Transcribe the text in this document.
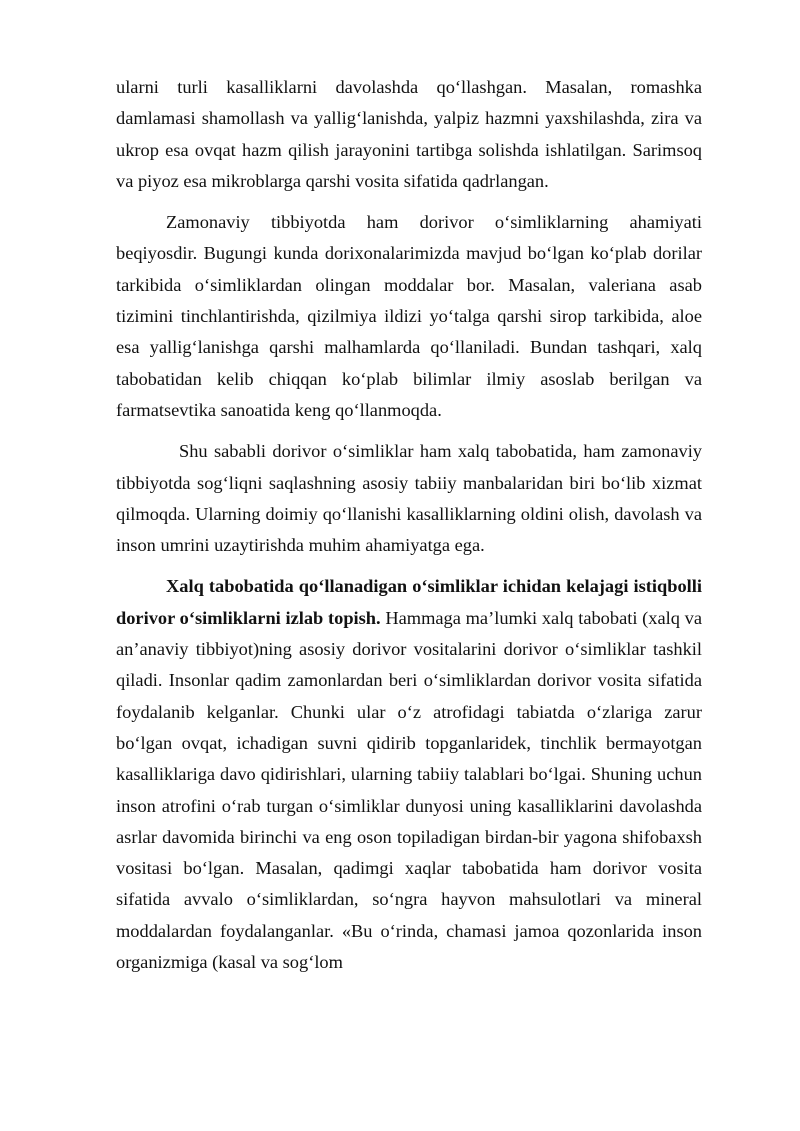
ularni turli kasalliklarni davolashda qo‘llashgan. Masalan, romashka damlamasi shamollash va yallig‘lanishda, yalpiz hazmni yaxshilashda, zira va ukrop esa ovqat hazm qilish jarayonini tartibga solishda ishlatilgan. Sarimsoq va piyoz esa mikroblarga qarshi vosita sifatida qadrlangan.

Zamonaviy tibbiyotda ham dorivor o‘simliklarning ahamiyati beqiyosdir. Bugungi kunda dorixonalarimizda mavjud bo‘lgan ko‘plab dorilar tarkibida o‘simliklardan olingan moddalar bor. Masalan, valeriana asab tizimini tinchlantirishda, qizilmiya ildizi yo‘talga qarshi sirop tarkibida, aloe esa yallig‘lanishga qarshi malhamlarda qo‘llaniladi. Bundan tashqari, xalq tabobatidan kelib chiqqan ko‘plab bilimlar ilmiy asoslab berilgan va farmatsevtika sanoatida keng qo‘llanmoqda.

Shu sababli dorivor o‘simliklar ham xalq tabobatida, ham zamonaviy tibbiyotda sog‘liqni saqlashning asosiy tabiiy manbalaridan biri bo‘lib xizmat qilmoqda. Ularning doimiy qo‘llanishi kasalliklarning oldini olish, davolash va inson umrini uzaytirishda muhim ahamiyatga ega.

Xalq tabobatida qo‘llanadigan o‘simliklar ichidan kelajagi istiqbolli dorivor o‘simliklarni izlab topish. Hammaga ma’lumki xalq tabobati (xalq va an’anaviy tibbiyot)ning asosiy dorivor vositalarini dorivor o‘simliklar tashkil qiladi. Insonlar qadim zamonlardan beri o‘simliklardan dorivor vosita sifatida foydalanib kelganlar. Chunki ular o‘z atrofidagi tabiatda o‘zlariga zarur bo‘lgan ovqat, ichadigan suvni qidirib topganlaridek, tinchlik bermayotgan kasalliklariga davo qidirishlari, ularning tabiiy talablari bo‘lgai. Shuning uchun inson atrofini o‘rab turgan o‘simliklar dunyosi uning kasalliklarini davolashda asrlar davomida birinchi va eng oson topiladigan birdan-bir yagona shifobaxsh vositasi bo‘lgan. Masalan, qadimgi xaqlar tabobatida ham dorivor vosita sifatida avvalo o‘simliklardan, so‘ngra hayvon mahsulotlari va mineral moddalardan foydalanganlar. «Bu o‘rinda, chamasi jamoa qozonlarida inson organizmiga (kasal va sog‘lom
